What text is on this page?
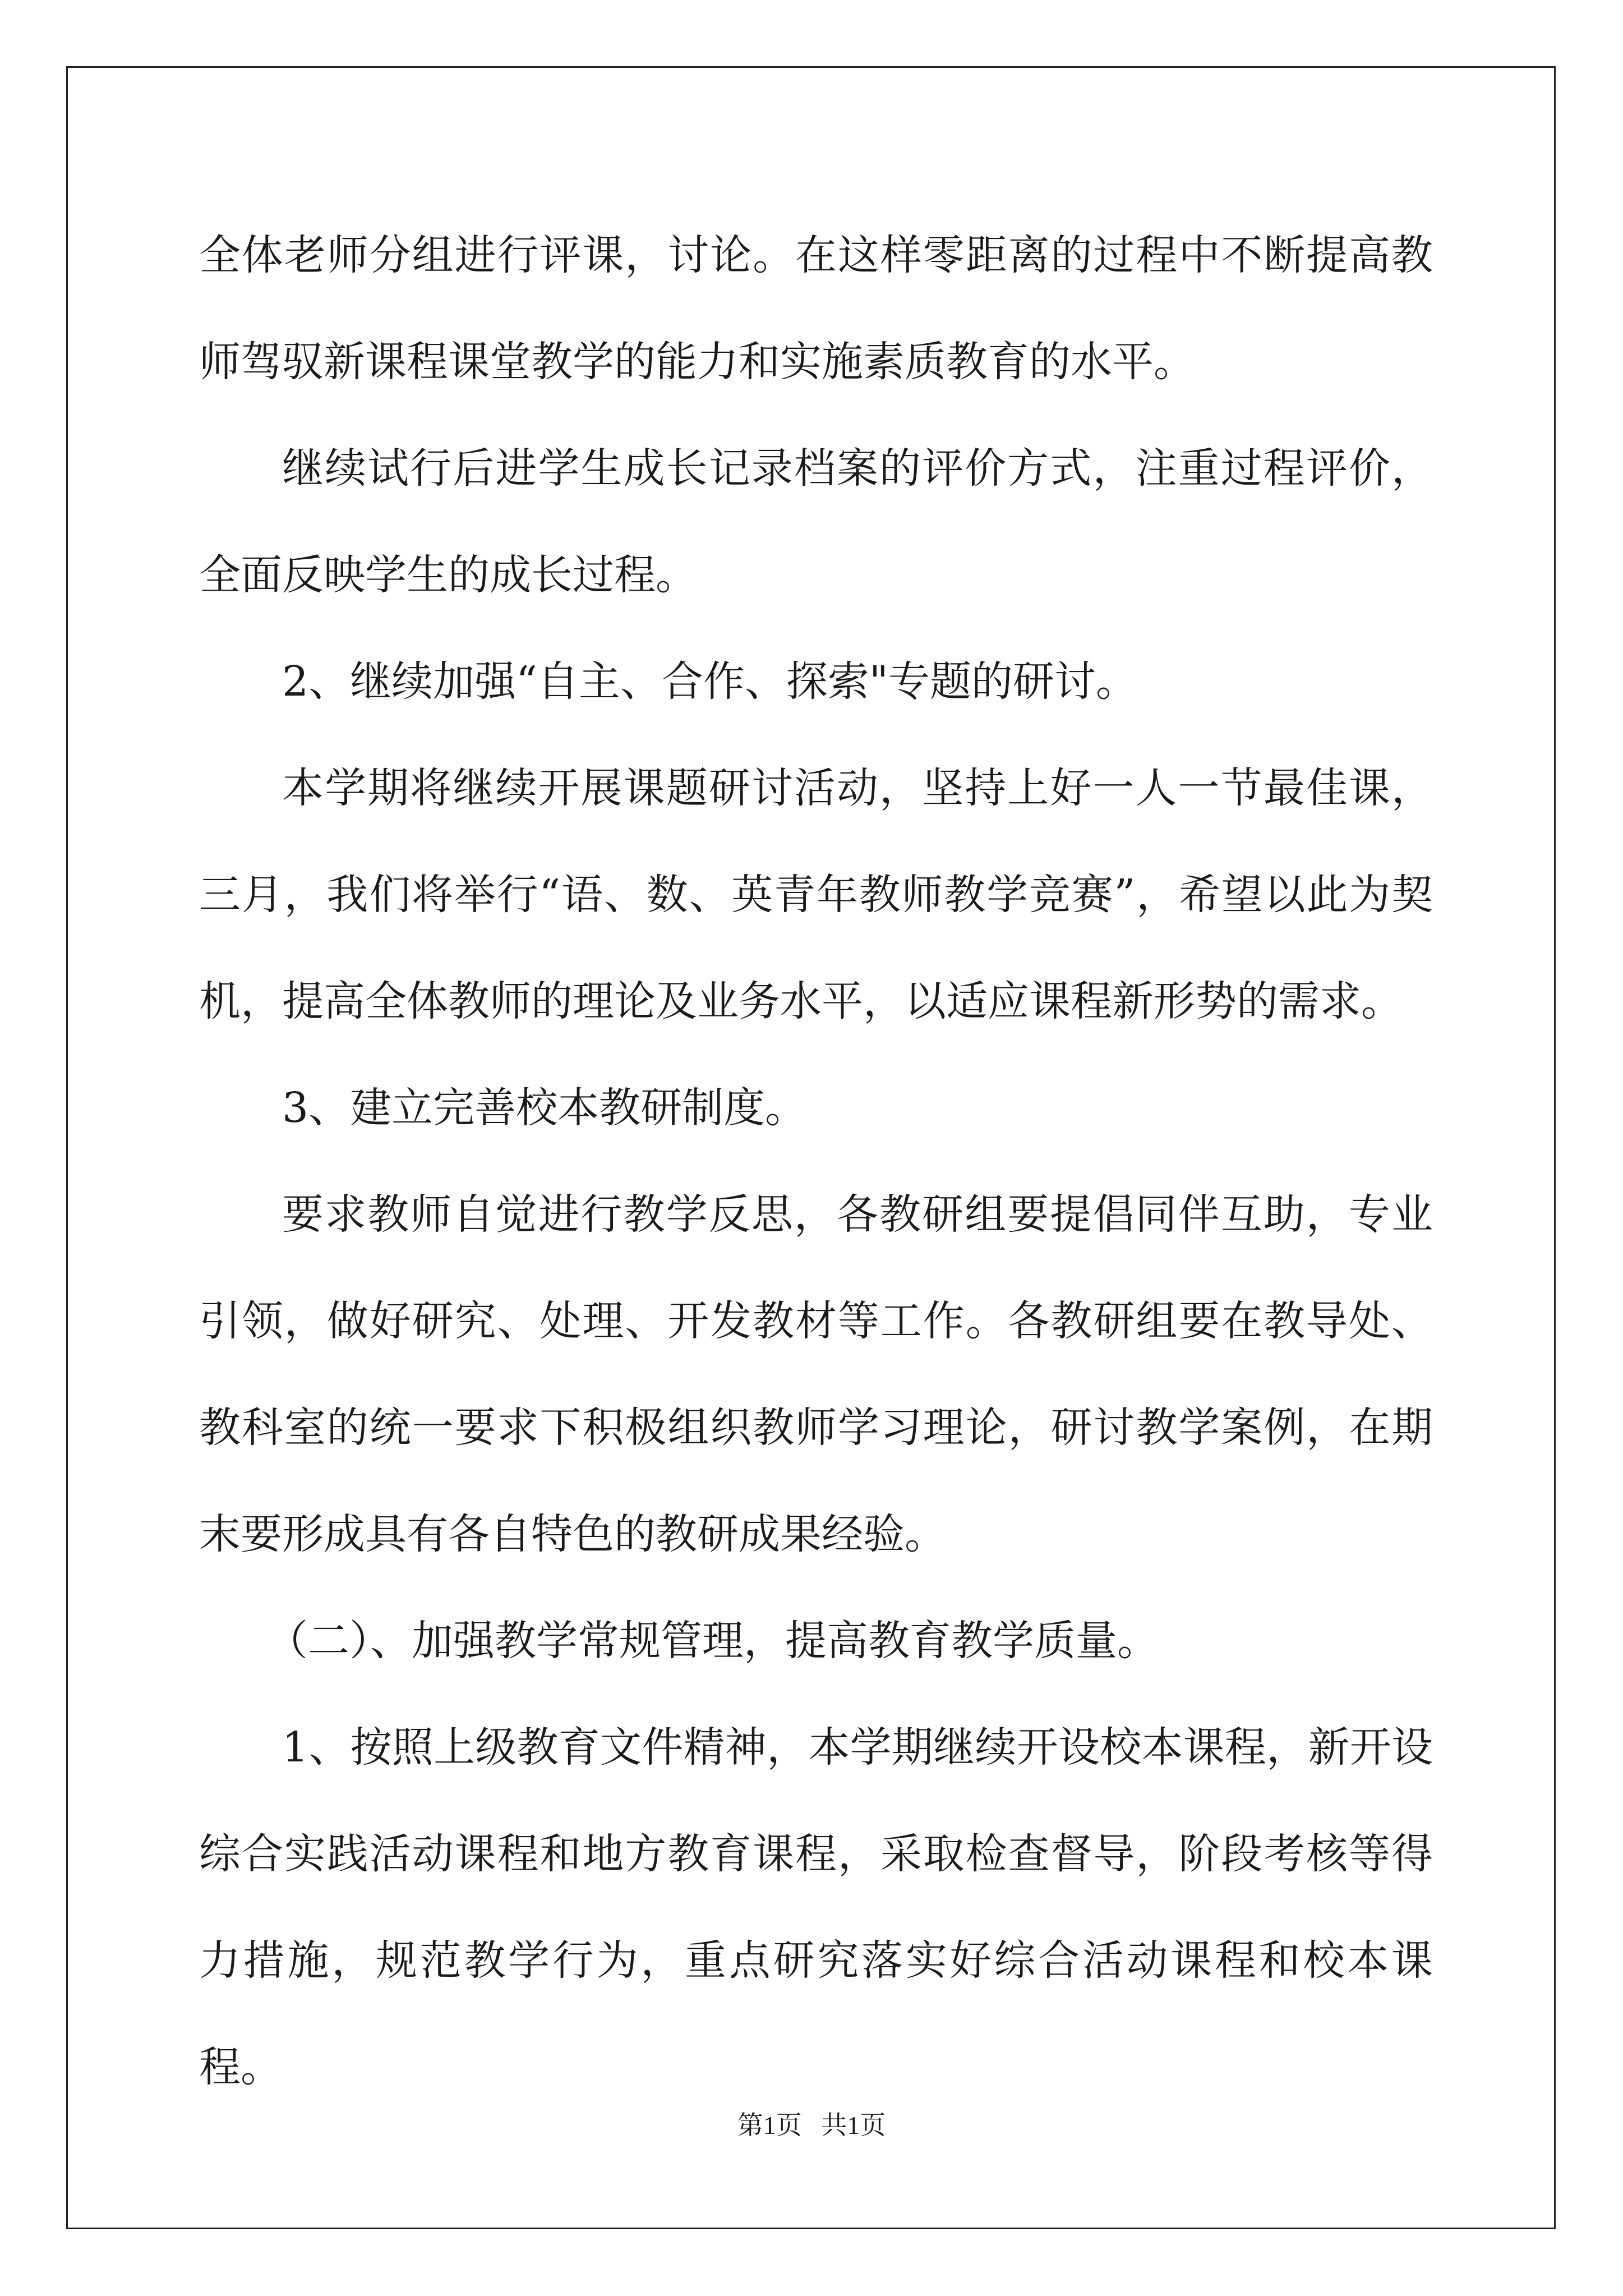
全体老师分组进行评课，讨论。在这样零距离的过程中不断提高教师驾驭新课程课堂教学的能力和实施素质教育的水平。

继续试行后进学生成长记录档案的评价方式，注重过程评价，全面反映学生的成长过程。

2、继续加强“自主、合作、探索"专题的研讨。

本学期将继续开展课题研讨活动，坚持上好一人一节最佳课，三月，我们将举行“语、数、英青年教师教学竞赛”，希望以此为契机，提高全体教师的理论及业务水平，以适应课程新形势的需求。

3、建立完善校本教研制度。

要求教师自觉进行教学反思，各教研组要提倡同伴互助，专业引领，做好研究、处理、开发教材等工作。各教研组要在教导处、教科室的统一要求下积极组织教师学习理论，研讨教学案例，在期末要形成具有各自特色的教研成果经验。

（二）、加强教学常规管理，提高教育教学质量。

1、按照上级教育文件精神，本学期继续开设校本课程，新开设综合实践活动课程和地方教育课程，采取检查督导，阶段考核等得力措施，规范教学行为，重点研究落实好综合活动课程和校本课程。

第1页   共1页
